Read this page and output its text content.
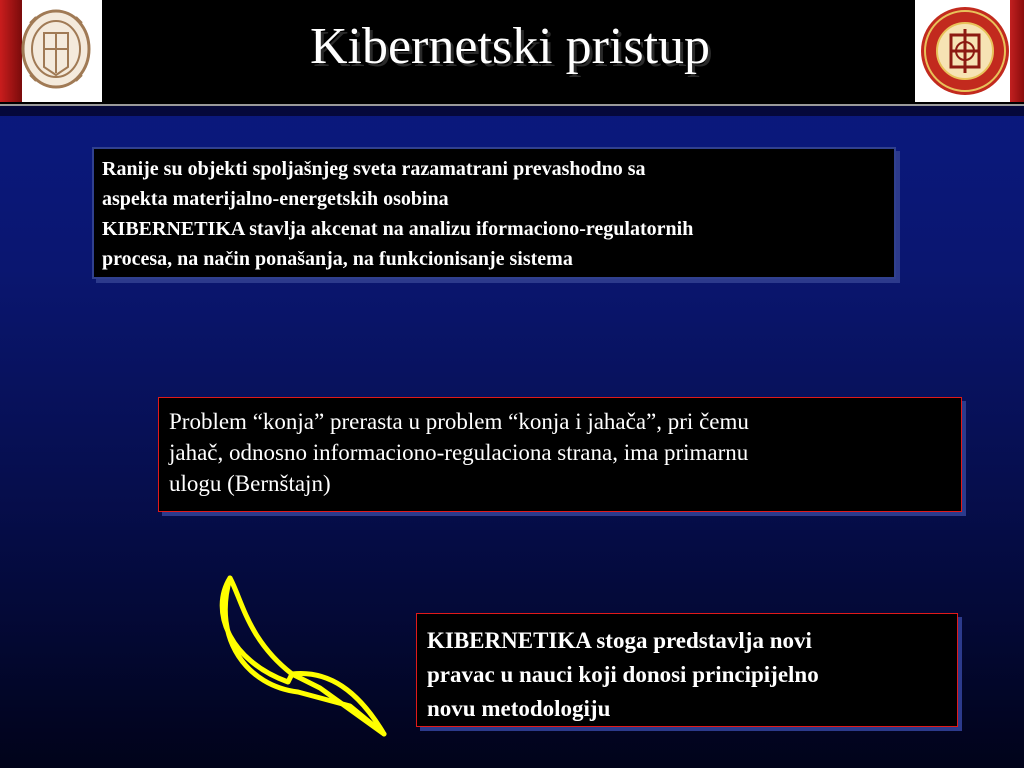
Kibernetski pristup
Ranije su objekti spoljašnjeg sveta razamatrani prevashodno sa
aspekta materijalno-energetskih osobina
KIBERNETIKA stavlja akcenat na analizu iformaciono-regulatornih
procesa, na način ponašanja, na funkcionisanje sistema
Problem “konja” prerasta u problem “konja i jahača”, pri čemu
jahač, odnosno informaciono-regulaciona strana, ima primarnu
ulogu (Bernštajn)
KIBERNETIKA stoga predstavlja novi
pravac u nauci koji donosi principijelno
novu metodologiju
